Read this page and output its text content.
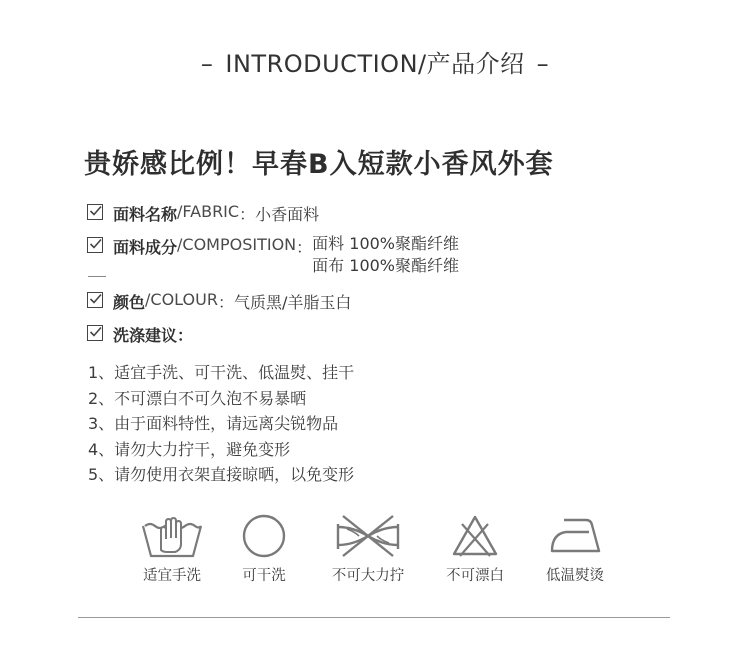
– INTRODUCTION/产品介绍 –
贵娇感比例！早春B入短款小香风外套
面料名称 /FABRIC ： 小香面料
面料成分 /COMPOSITION ： 面料 100%聚酯纤维
面布 100%聚酯纤维
颜色 /COLOUR ： 气质黑/羊脂玉白
洗涤建议 ：
1、适宜手洗、可干洗、低温熨、挂干
2、不可漂白不可久泡不易暴晒
3、由于面料特性，请远离尖锐物品
4、请勿大力拧干，避免变形
5、请勿使用衣架直接晾晒，以免变形
适宜手洗	可干洗	不可大力拧	不可漂白	低温熨烫
